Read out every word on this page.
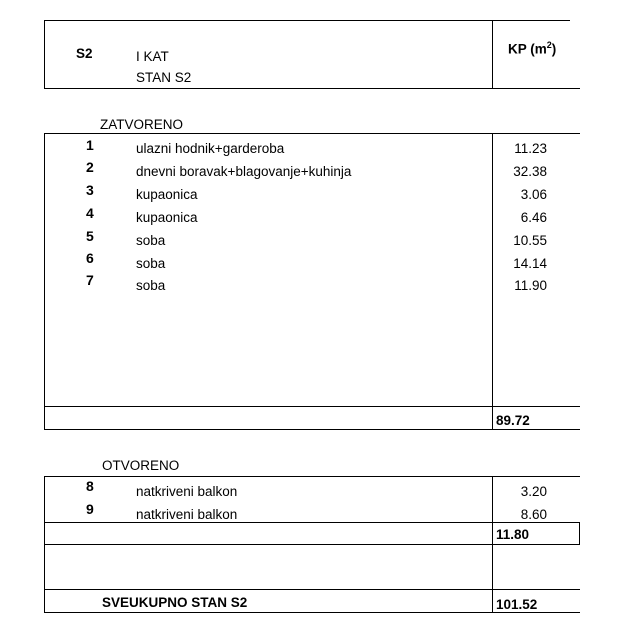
S2	I KAT
STAN S2
KP $(m^2)$
ZATVORENO
1	ulazni hodnik+garderoba	11.23
2	dnevni boravak+blagovanje+kuhinja	32.38
3	kupaonica	3.06
4	kupaonica	6.46
5	soba	10.55
6	soba	14.14
7	soba	11.90
89.72
OTVORENO
8	natkriveni balkon	3.20
9	natkriveni balkon	8.60
11.80
SVEUKUPNO STAN S2	101.52
